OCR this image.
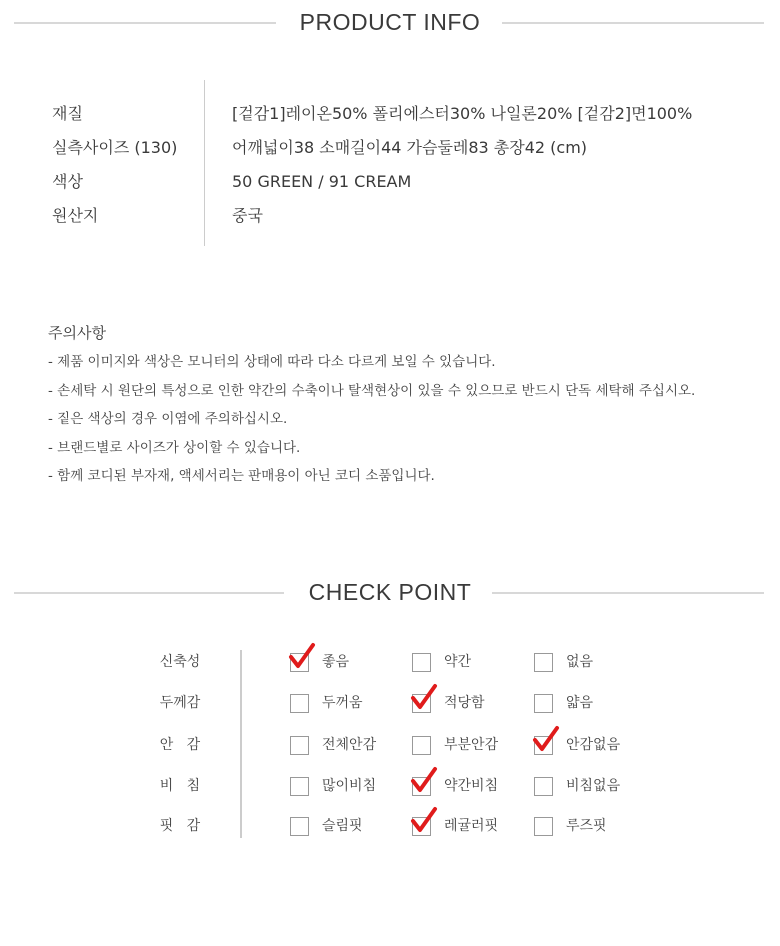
PRODUCT INFO
재질	[겉감1]레이온50% 폴리에스터30% 나일론20% [겉감2]면100%
실측사이즈 (130)	어깨넓이38 소매길이44 가슴둘레83 총장42 (cm)
색상	50 GREEN / 91 CREAM
원산지	중국
주의사항
- 제품 이미지와 색상은 모니터의 상태에 따라 다소 다르게 보일 수 있습니다.
- 손세탁 시 원단의 특성으로 인한 약간의 수축이나 탈색현상이 있을 수 있으므로 반드시 단독 세탁해 주십시오.
- 짙은 색상의 경우 이염에 주의하십시오.
- 브랜드별로 사이즈가 상이할 수 있습니다.
- 함께 코디된 부자재, 액세서리는 판매용이 아닌 코디 소품입니다.
CHECK POINT
신축성	좋음	약간	없음
두께감	두꺼움	적당함	얇음
안   감	전체안감	부분안감	안감없음
비   침	많이비침	약간비침	비침없음
핏   감	슬림핏	레귤러핏	루즈핏
